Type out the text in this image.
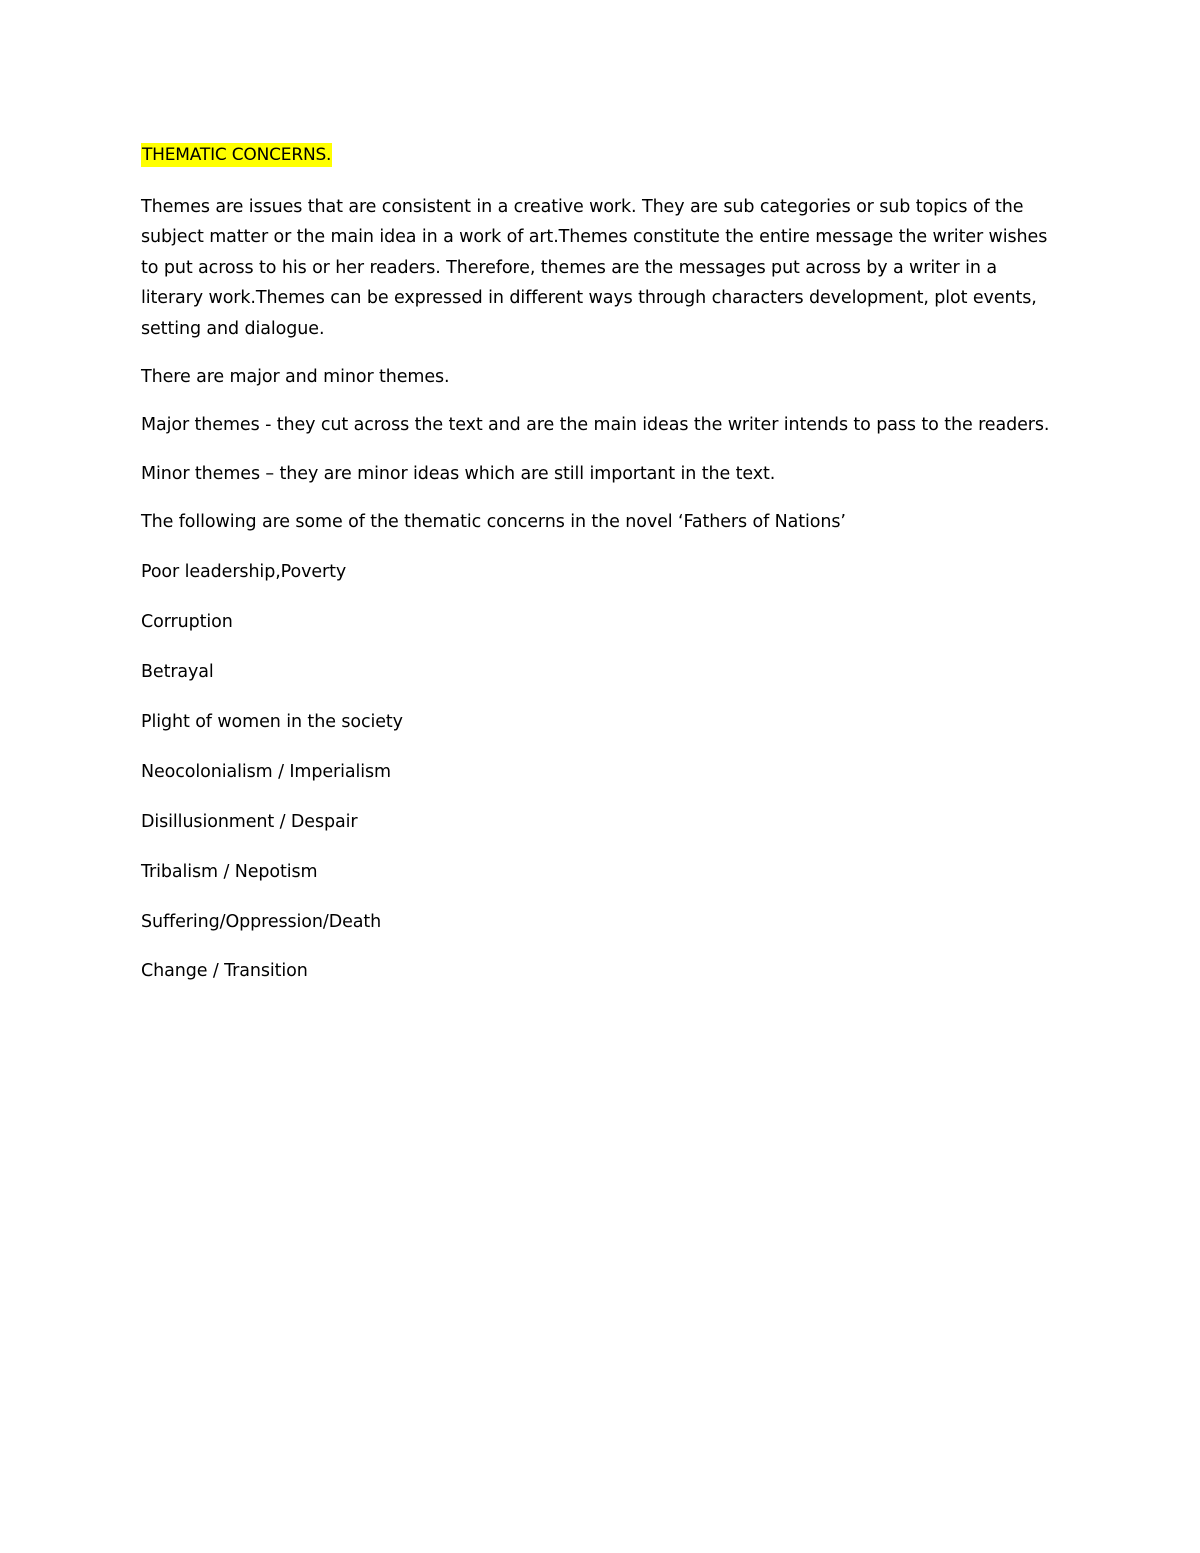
THEMATIC CONCERNS.

Themes are issues that are consistent in a creative work. They are sub categories or sub topics of the subject matter or the main idea in a work of art.Themes constitute the entire message the writer wishes to put across to his or her readers. Therefore, themes are the messages put across by a writer in a literary work.Themes can be expressed in different ways through characters development, plot events, setting and dialogue.

There are major and minor themes.

Major themes - they cut across the text and are the main ideas the writer intends to pass to the readers.

Minor themes – they are minor ideas which are still important in the text.

The following are some of the thematic concerns in the novel ‘Fathers of Nations’

Poor leadership,Poverty

Corruption

Betrayal

Plight of women in the society

Neocolonialism / Imperialism

Disillusionment / Despair

Tribalism / Nepotism

Suffering/Oppression/Death

Change / Transition
